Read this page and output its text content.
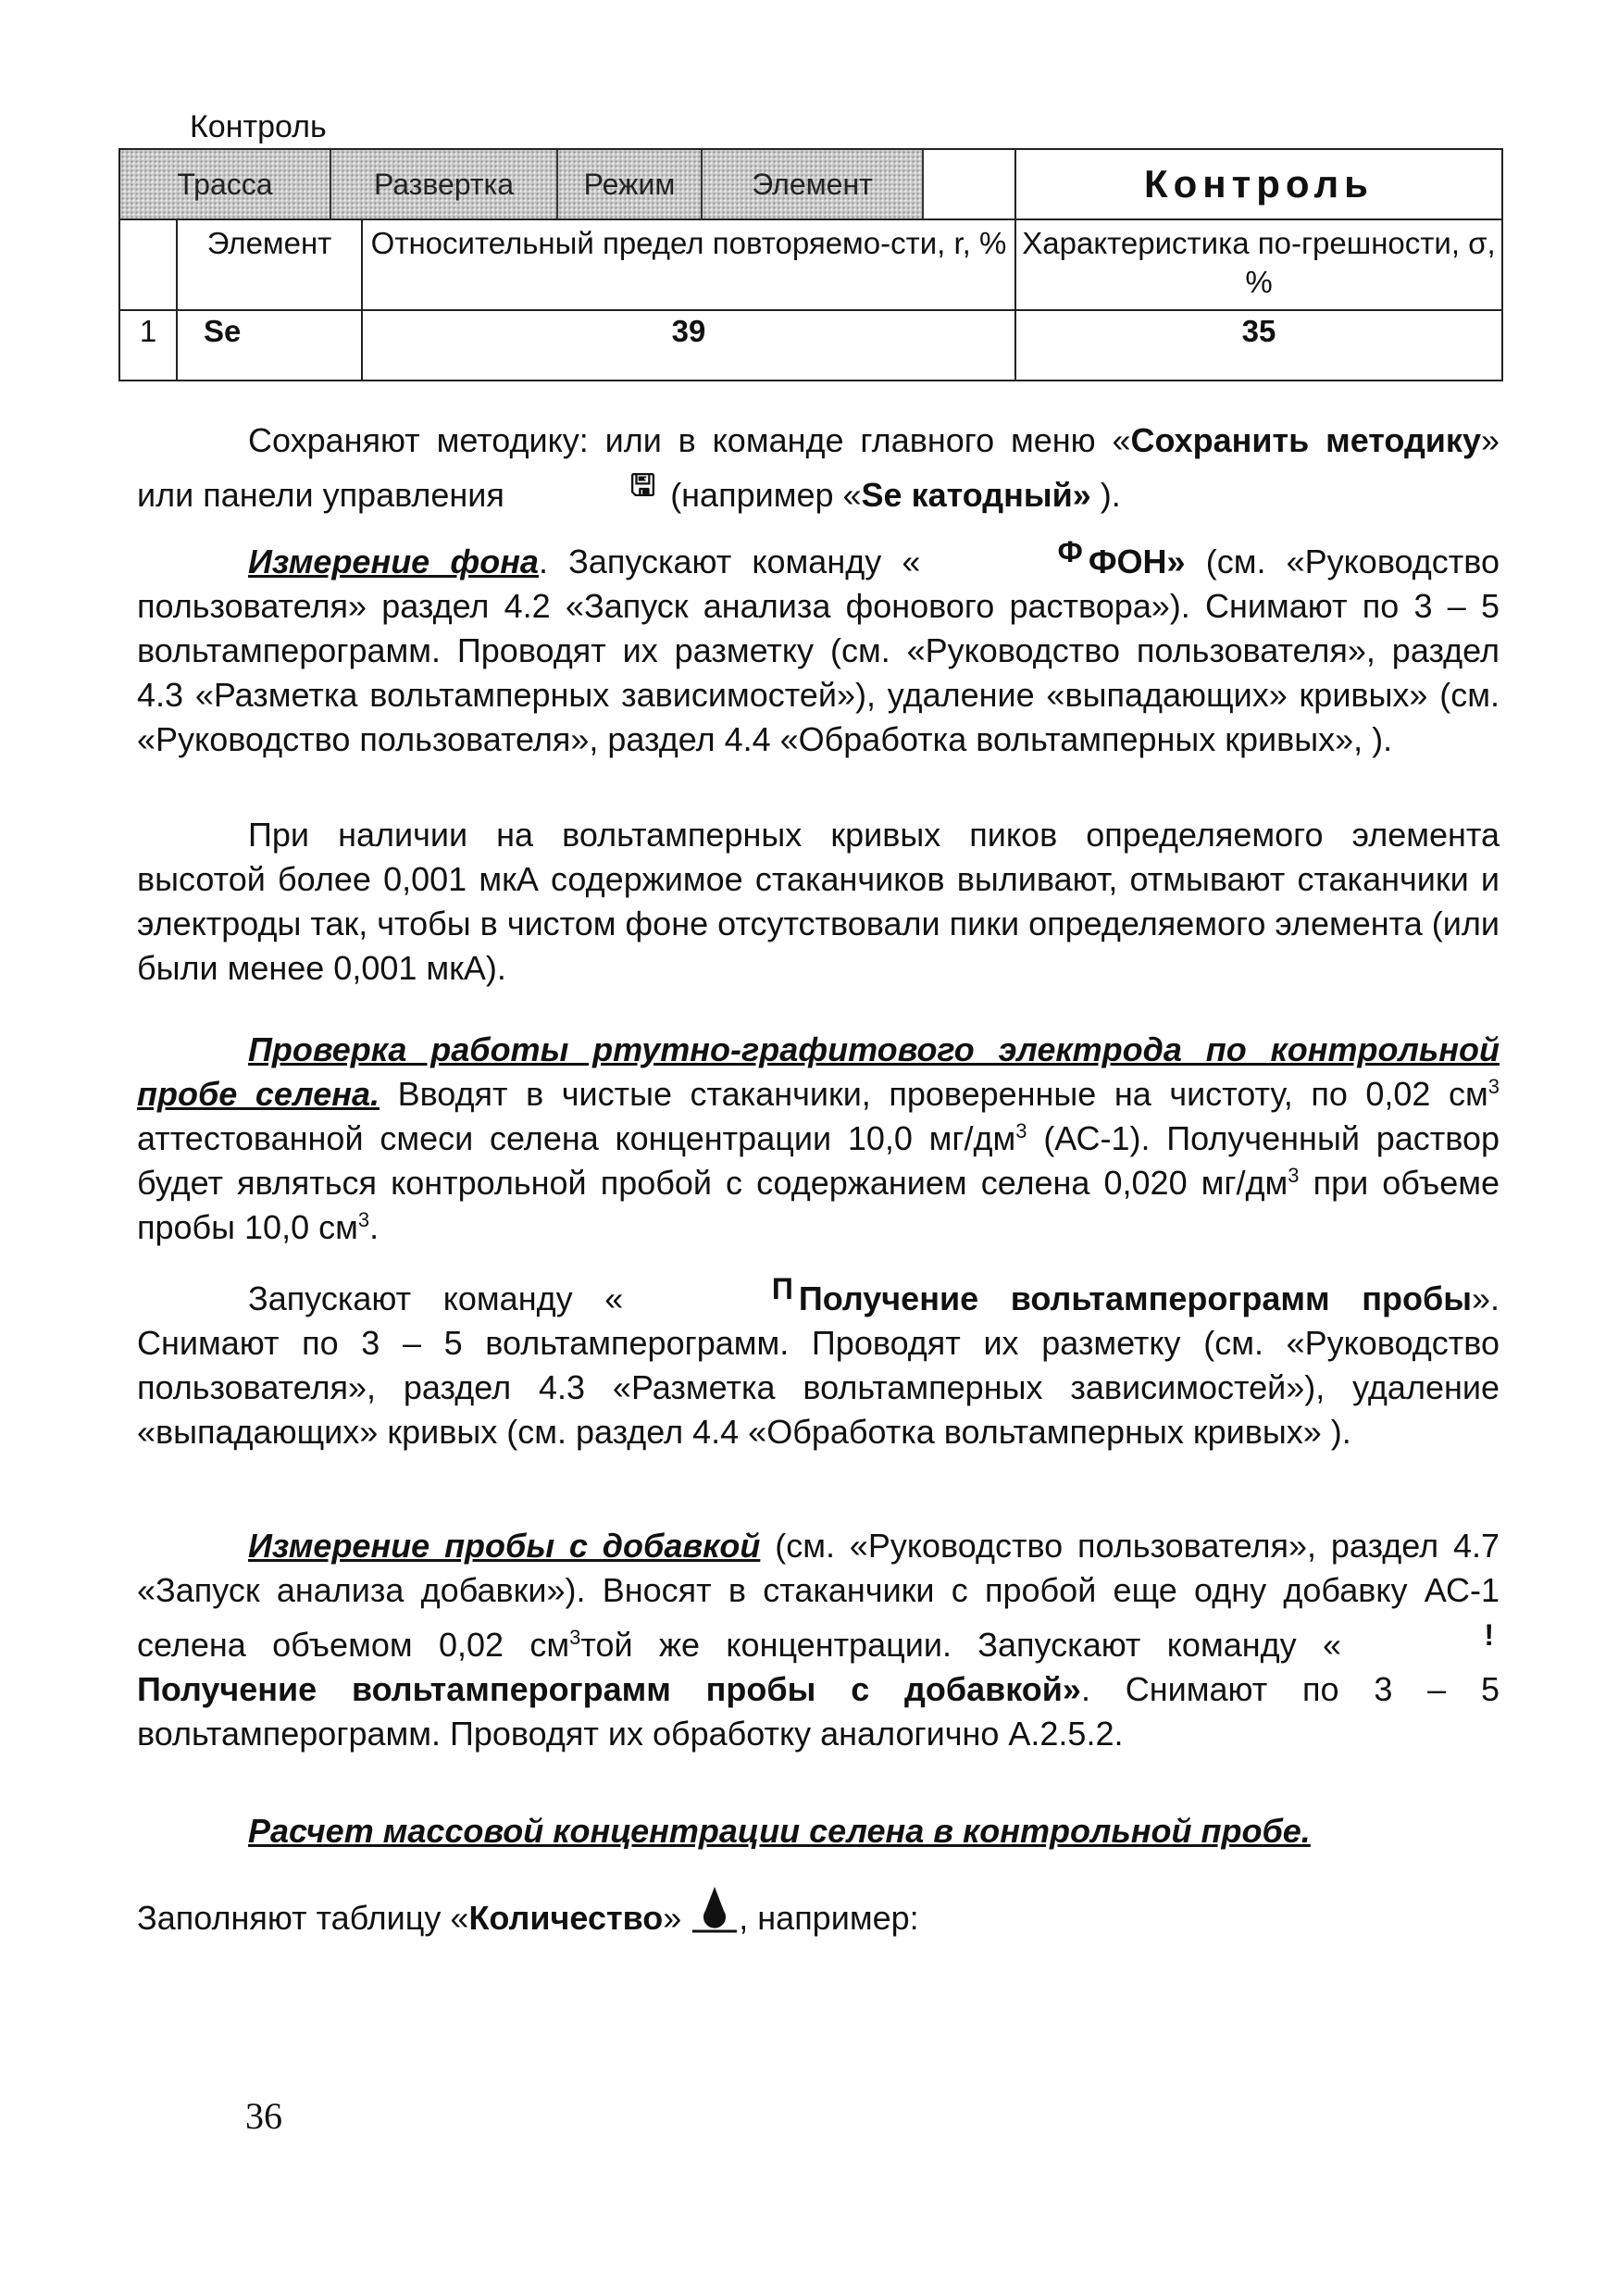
Контроль
Трасса Развертка Режим Элемент			Контроль
	Элемент	Относительный предел повторяемо-сти, r, %	Характеристика по-грешности, σ, %
1	Se	39	35
Сохраняют методику: или в команде главного меню «Сохранить методику» или панели управления	🖫 (например «Se катодный» ).
Измерение фона. Запускают команду «	Ф ФОН» (см. «Руководство пользователя» раздел 4.2 «Запуск анализа фонового раствора»). Снимают по 3 – 5 вольтамперограмм. Проводят их разметку (см. «Руководство пользователя», раздел 4.3 «Разметка вольтамперных зависимостей»), удаление «выпадающих» кривых» (см. «Руководство пользователя», раздел 4.4 «Обработка вольтамперных кривых», ).
При наличии на вольтамперных кривых пиков определяемого элемента высотой более 0,001 мкА содержимое стаканчиков выливают, отмывают стаканчики и электроды так, чтобы в чистом фоне отсутствовали пики определяемого элемента (или были менее 0,001 мкА).
Проверка работы ртутно-графитового электрода по контрольной пробе селена. Вводят в чистые стаканчики, проверенные на чистоту, по 0,02 $см^3$ аттестованной смеси селена концентрации 10,0 $мг/дм^3$ (АС-1). Полученный раствор будет являться контрольной пробой с содержанием селена 0,020 $мг/дм^3$ при объеме пробы 10,0 $см^3$.
Запускают команду «	П Получение вольтамперограмм пробы». Снимают по 3 – 5 вольтамперограмм. Проводят их разметку (см. «Руководство пользователя», раздел 4.3 «Разметка вольтамперных зависимостей»), удаление «выпадающих» кривых (см. раздел 4.4 «Обработка вольтамперных кривых» ).
Измерение пробы с добавкой (см. «Руководство пользователя», раздел 4.7 «Запуск анализа добавки»). Вносят в стаканчики с пробой еще одну добавку АС-1 селена объемом 0,02 $см^3той$ же концентрации. Запускают команду «	!Получение вольтамперограмм пробы с добавкой». Снимают по 3 – 5 вольтамперограмм. Проводят их обработку аналогично А.2.5.2.
Расчет массовой концентрации селена в контрольной пробе.
Заполняют таблицу «Количество» , например:
36
